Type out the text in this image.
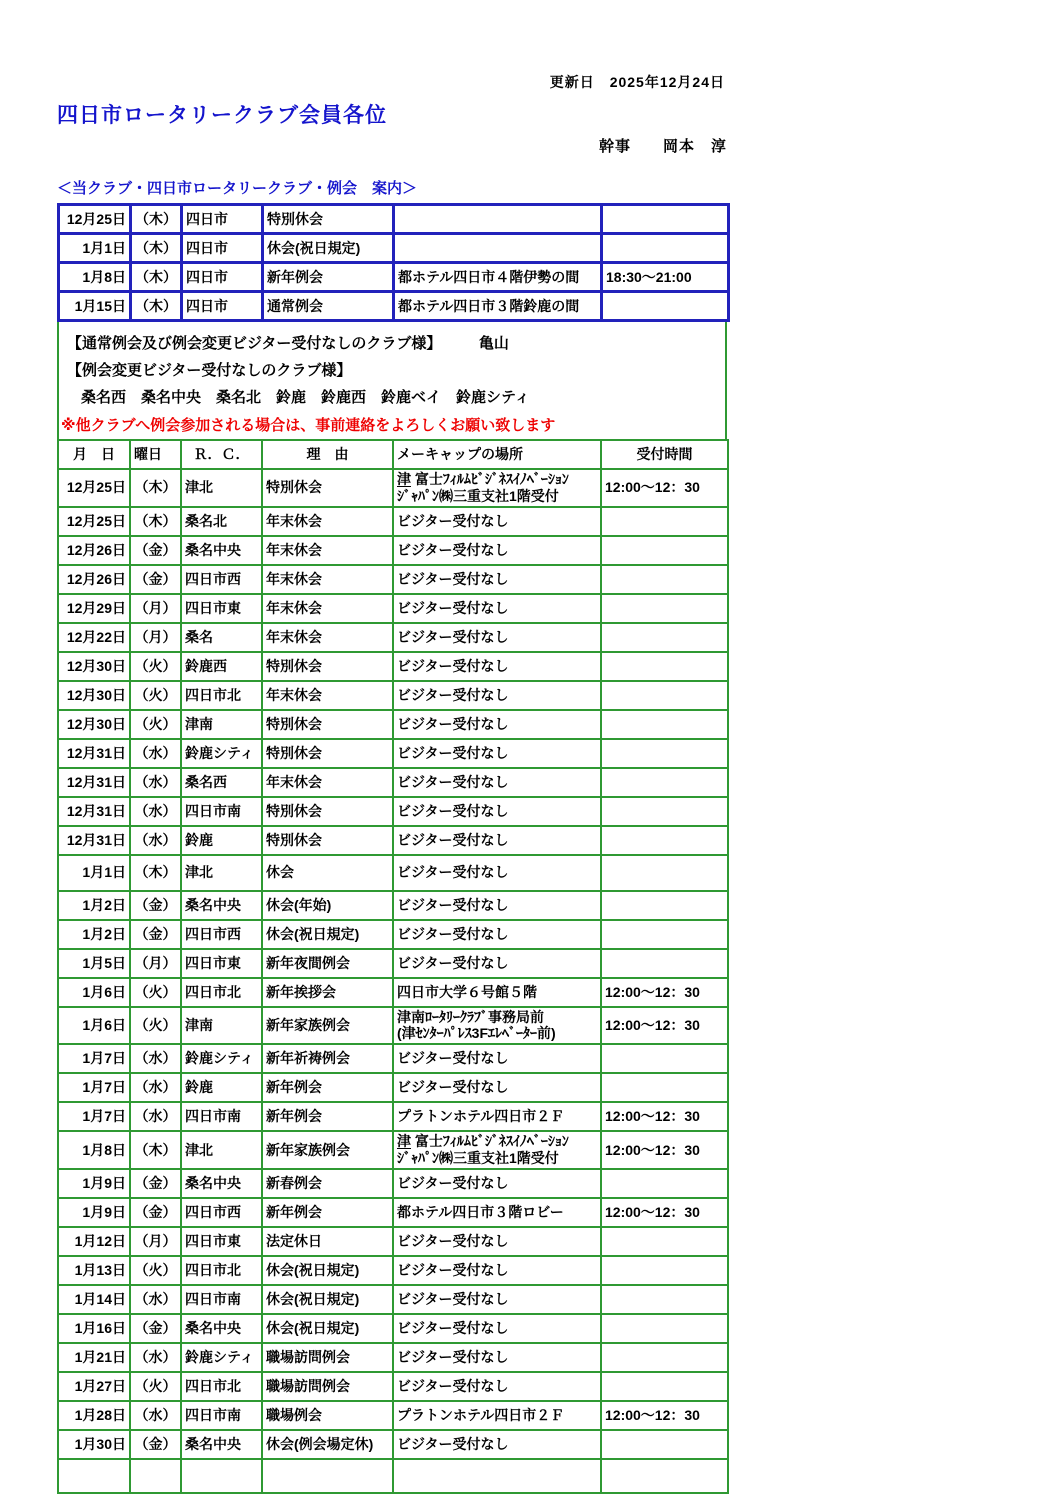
更新日　2025年12月24日
四日市ロータリークラブ会員各位
幹事　　岡本　淳
＜当クラブ・四日市ロータリークラブ・例会　案内＞
12月25日	（木）	四日市	特別休会		
1月1日	（木）	四日市	休会(祝日規定)		
1月8日	（木）	四日市	新年例会	都ホテル四日市４階伊勢の間	18:30～21:00
1月15日	（木）	四日市	通常例会	都ホテル四日市３階鈴鹿の間	
【通常例会及び例会変更ビジター受付なしのクラブ様】　　　亀山
【例会変更ビジター受付なしのクラブ様】
桑名西　桑名中央　桑名北　鈴鹿　鈴鹿西　鈴鹿ベイ　鈴鹿シティ
※他クラブへ例会参加される場合は、事前連絡をよろしくお願い致します
月　日	曜日	Ｒ．Ｃ．	理　由	メーキャップの場所	受付時間
12月25日	（木）	津北	特別休会	津 富士ﾌｨﾙﾑﾋﾞｼﾞﾈｽｲﾉﾍﾞｰｼｮﾝ
ｼﾞｬﾊﾟﾝ㈱三重支社1階受付	12:00～12：30
12月25日	（木）	桑名北	年末休会	ビジター受付なし	
12月26日	（金）	桑名中央	年末休会	ビジター受付なし	
12月26日	（金）	四日市西	年末休会	ビジター受付なし	
12月29日	（月）	四日市東	年末休会	ビジター受付なし	
12月22日	（月）	桑名	年末休会	ビジター受付なし	
12月30日	（火）	鈴鹿西	特別休会	ビジター受付なし	
12月30日	（火）	四日市北	年末休会	ビジター受付なし	
12月30日	（火）	津南	特別休会	ビジター受付なし	
12月31日	（水）	鈴鹿シティ	特別休会	ビジター受付なし	
12月31日	（水）	桑名西	年末休会	ビジター受付なし	
12月31日	（水）	四日市南	特別休会	ビジター受付なし	
12月31日	（水）	鈴鹿	特別休会	ビジター受付なし	
1月1日	（木）	津北	休会	ビジター受付なし	
1月2日	（金）	桑名中央	休会(年始)	ビジター受付なし	
1月2日	（金）	四日市西	休会(祝日規定)	ビジター受付なし	
1月5日	（月）	四日市東	新年夜間例会	ビジター受付なし	
1月6日	（火）	四日市北	新年挨拶会	四日市大学６号館５階	12:00～12：30
1月6日	（火）	津南	新年家族例会	津南ﾛｰﾀﾘｰｸﾗﾌﾞ事務局前
(津ｾﾝﾀｰﾊﾟﾚｽ3Fｴﾚﾍﾞｰﾀｰ前)	12:00～12：30
1月7日	（水）	鈴鹿シティ	新年祈祷例会	ビジター受付なし	
1月7日	（水）	鈴鹿	新年例会	ビジター受付なし	
1月7日	（水）	四日市南	新年例会	プラトンホテル四日市２Ｆ	12:00～12：30
1月8日	（木）	津北	新年家族例会	津 富士ﾌｨﾙﾑﾋﾞｼﾞﾈｽｲﾉﾍﾞｰｼｮﾝ
ｼﾞｬﾊﾟﾝ㈱三重支社1階受付	12:00～12：30
1月9日	（金）	桑名中央	新春例会	ビジター受付なし	
1月9日	（金）	四日市西	新年例会	都ホテル四日市３階ロビー	12:00～12：30
1月12日	（月）	四日市東	法定休日	ビジター受付なし	
1月13日	（火）	四日市北	休会(祝日規定)	ビジター受付なし	
1月14日	（水）	四日市南	休会(祝日規定)	ビジター受付なし	
1月16日	（金）	桑名中央	休会(祝日規定)	ビジター受付なし	
1月21日	（水）	鈴鹿シティ	職場訪問例会	ビジター受付なし	
1月27日	（火）	四日市北	職場訪問例会	ビジター受付なし	
1月28日	（水）	四日市南	職場例会	プラトンホテル四日市２Ｆ	12:00～12：30
1月30日	（金）	桑名中央	休会(例会場定休)	ビジター受付なし	
